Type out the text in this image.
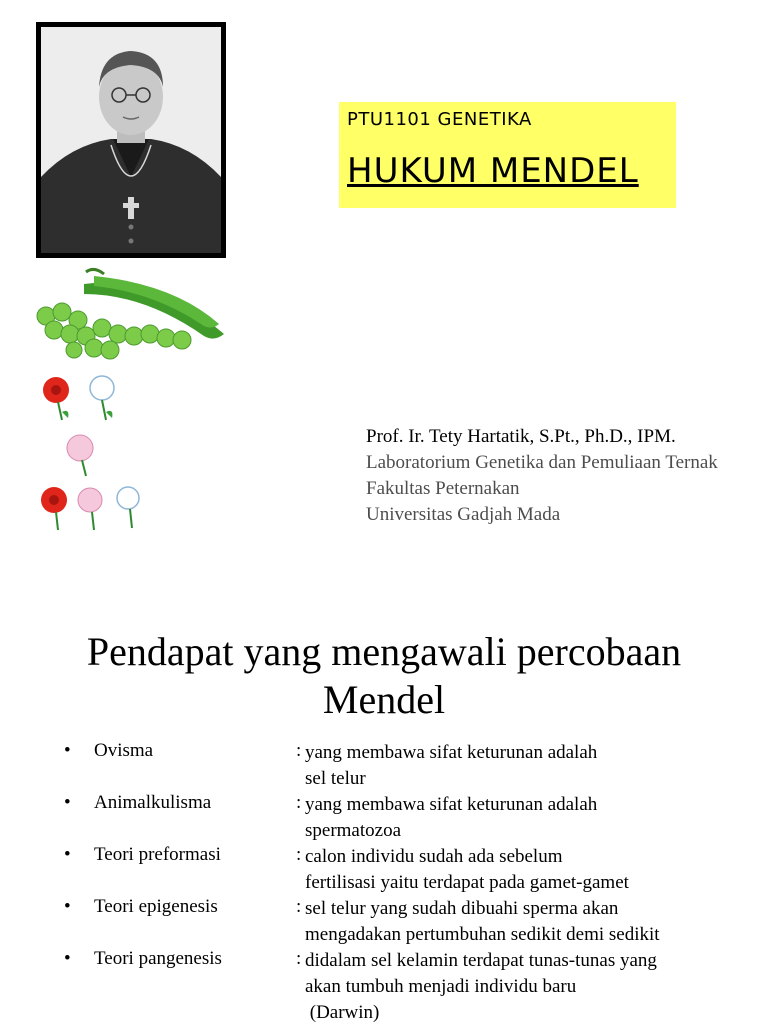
PTU1101 GENETIKA
HUKUM MENDEL
Prof. Ir. Tety Hartatik, S.Pt., Ph.D., IPM.
Laboratorium Genetika dan Pemuliaan Ternak
Fakultas Peternakan
Universitas Gadjah Mada
Pendapat yang mengawali percobaan
Mendel
• Ovisma	: yang membawa sifat keturunan adalah
sel telur
• Animalkulisma	: yang membawa sifat keturunan adalah
spermatozoa
• Teori preformasi	: calon individu sudah ada sebelum
fertilisasi yaitu terdapat pada gamet-gamet
• Teori epigenesis	: sel telur yang sudah dibuahi sperma akan
mengadakan pertumbuhan sedikit demi sedikit
• Teori pangenesis	: didalam sel kelamin terdapat tunas-tunas yang
akan tumbuh menjadi individu baru
(Darwin)
